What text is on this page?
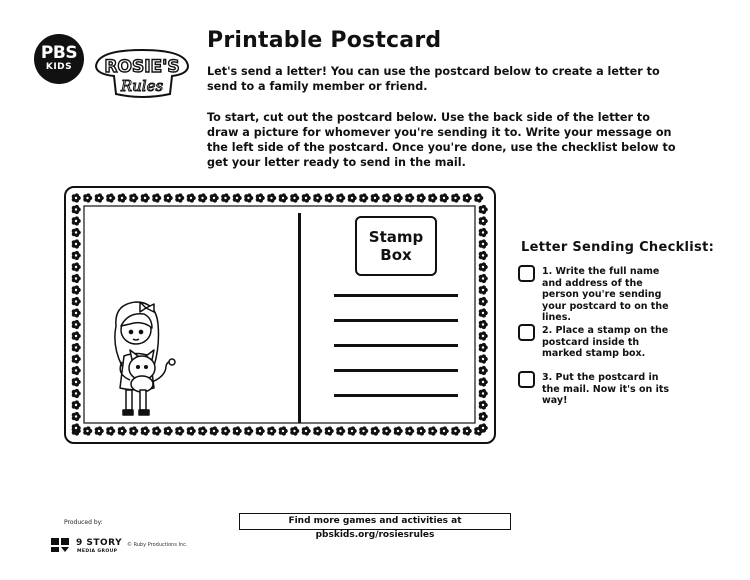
PBS
KIDS	ROSIE'S
Rules
Printable Postcard
Let's send a letter! You can use the postcard below to create a letter to send to a family member or friend.
To start, cut out the postcard below. Use the back side of the letter to draw a picture for whomever you're sending it to. Write your message on the left side of the postcard. Once you're done, use the checklist below to get your letter ready to send in the mail.
Stamp
Box	Letter Sending Checklist:
1. Write the full name and address of the person you're sending your postcard to on the lines.
2. Place a stamp on the postcard inside th marked stamp box.
3. Put the postcard in the mail. Now it's on its way!
Produced by:
9 STORY
MEDIA GROUP
© Ruby Productions Inc.
Find more games and activities at pbskids.org/rosiesrules
